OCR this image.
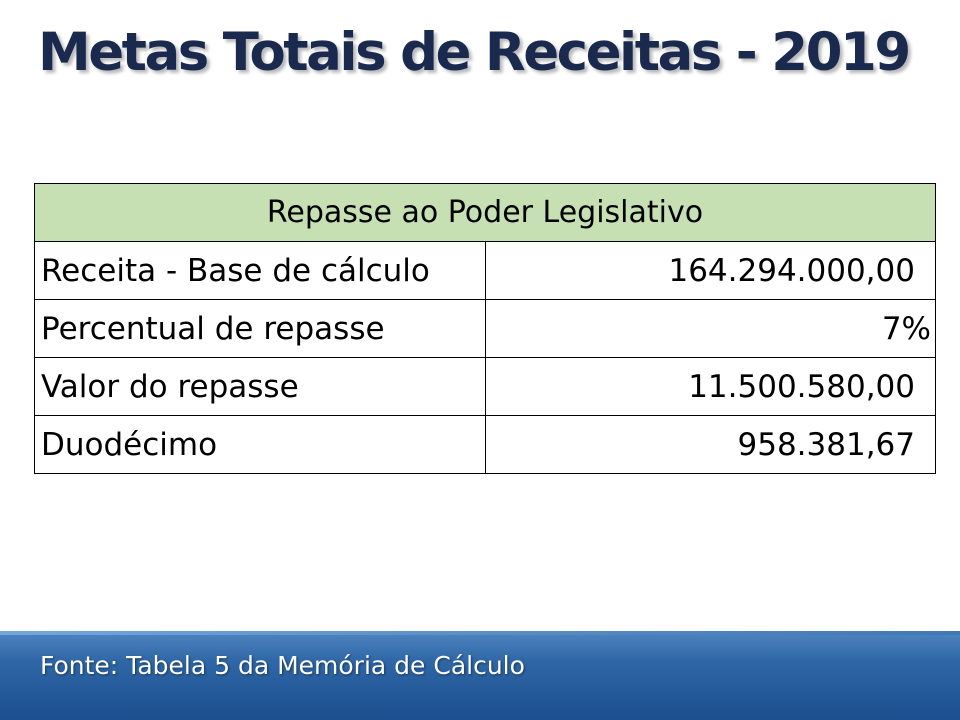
Metas Totais de Receitas - 2019
Repasse ao Poder Legislativo	
Receita - Base de cálculo	164.294.000,00
Percentual de repasse	7%
Valor do repasse	11.500.580,00
Duodécimo	958.381,67
Fonte: Tabela 5 da Memória de Cálculo
